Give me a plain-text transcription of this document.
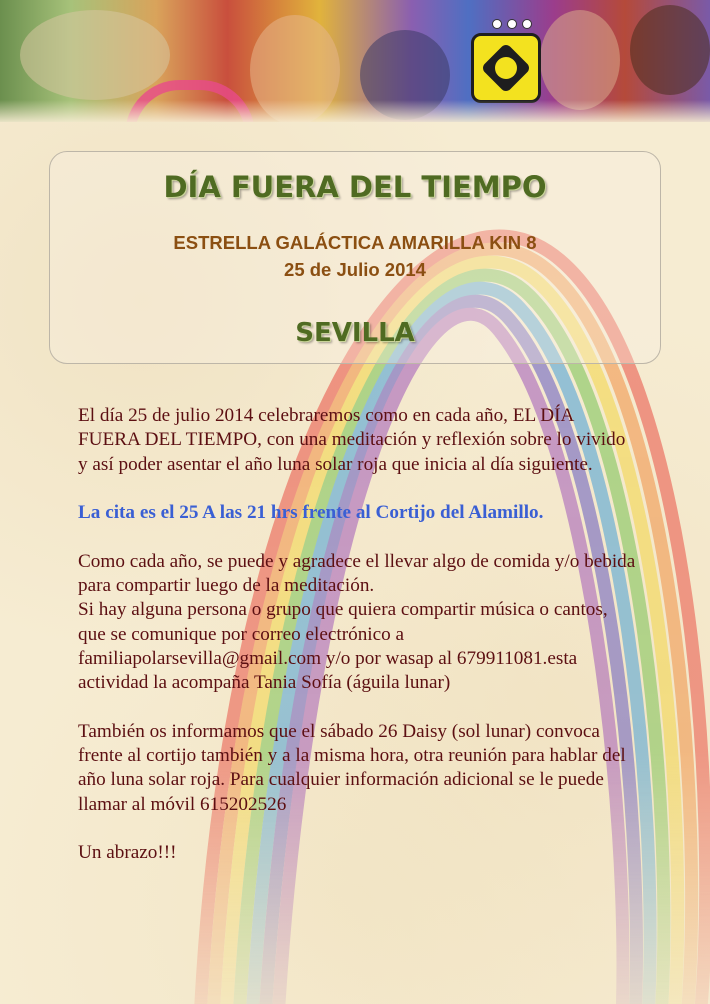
DÍA FUERA DEL TIEMPO
ESTRELLA GALÁCTICA AMARILLA KIN 8
25 de Julio 2014
SEVILLA

El día 25 de julio 2014 celebraremos como en cada año, EL DÍA FUERA DEL TIEMPO, con una meditación y reflexión sobre lo vivido y así poder asentar el año luna solar roja que inicia al día siguiente.

La cita es el 25 A las 21 hrs frente al Cortijo del Alamillo.

Como cada año, se puede y agradece el llevar algo de comida y/o bebida para compartir luego de la meditación.

Si hay alguna persona o grupo que quiera compartir música o cantos, que se comunique por correo electrónico a familiapolarsevilla@gmail.com y/o por wasap al 679911081.esta actividad la acompaña Tania Sofía (águila lunar)

También os informamos que el sábado 26 Daisy (sol lunar) convoca frente al cortijo también y a la misma hora, otra reunión para hablar del año luna solar roja. Para cualquier información adicional se le puede llamar al móvil 615202526

Un abrazo!!!
